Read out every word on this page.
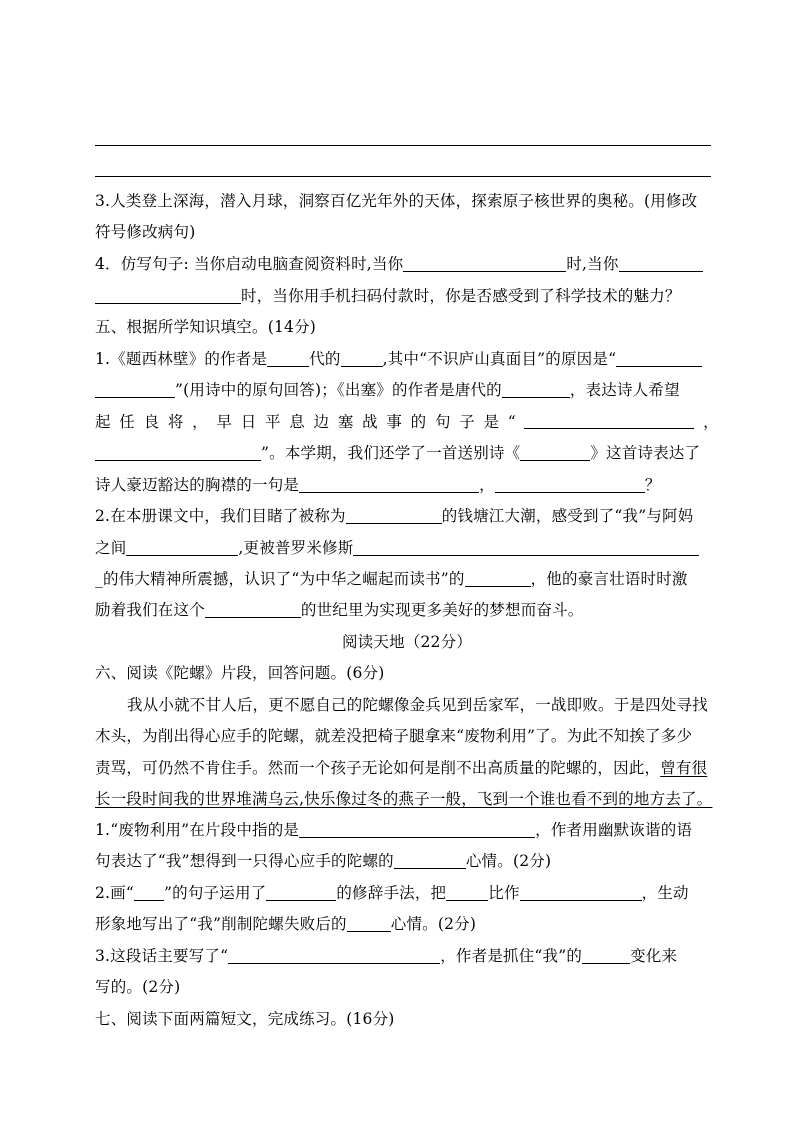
3.人类登上深海，潜入月球，洞察百亿光年外的天体，探索原子核世界的奥秘。(用修改
符号修改病句)
4．仿写句子: 当你启动电脑查阅资料时,当你	时,当你
时，当你用手机扫码付款时，你是否感受到了科学技术的魅力？
五、根据所学知识填空。(14分)
1.《题西林壁》的作者是	代的	,其中“不识庐山真面目”的原因是“
”(用诗中的原句回答)；《出塞》的作者是唐代的	，表达诗人希望
起 任 良 将 ， 早 日 平 息 边 塞 战 事 的 句 子 是 “	，
”。本学期，我们还学了一首送别诗《	》这首诗表达了
诗人豪迈豁达的胸襟的一句是	，	？
2.在本册课文中，我们目睹了被称为	的钱塘江大潮，感受到了“我”与阿妈
之间	,更被普罗米修斯
_的伟大精神所震撼，认识了“为中华之崛起而读书”的	，他的豪言壮语时时激
励着我们在这个	的世纪里为实现更多美好的梦想而奋斗。
阅读天地（22分）
六、阅读《陀螺》片段，回答问题。(6分)
我从小就不甘人后，更不愿自己的陀螺像金兵见到岳家军，一战即败。于是四处寻找
木头，为削出得心应手的陀螺，就差没把椅子腿拿来“废物利用”了。为此不知挨了多少
责骂，可仍然不肯住手。然而一个孩子无论如何是削不出高质量的陀螺的，因此，曾有很
长一段时间我的世界堆满乌云,快乐像过冬的燕子一般，飞到一个谁也看不到的地方去了。
1.“废物利用”在片段中指的是	，作者用幽默诙谐的语
句表达了“我”想得到一只得心应手的陀螺的	心情。(2分)
2.画“ ”的句子运用了	的修辞手法，把	比作	，生动
形象地写出了“我”削制陀螺失败后的	心情。(2分)
3.这段话主要写了“	，作者是抓住“我”的	变化来
写的。(2分)
七、阅读下面两篇短文，完成练习。(16分)
